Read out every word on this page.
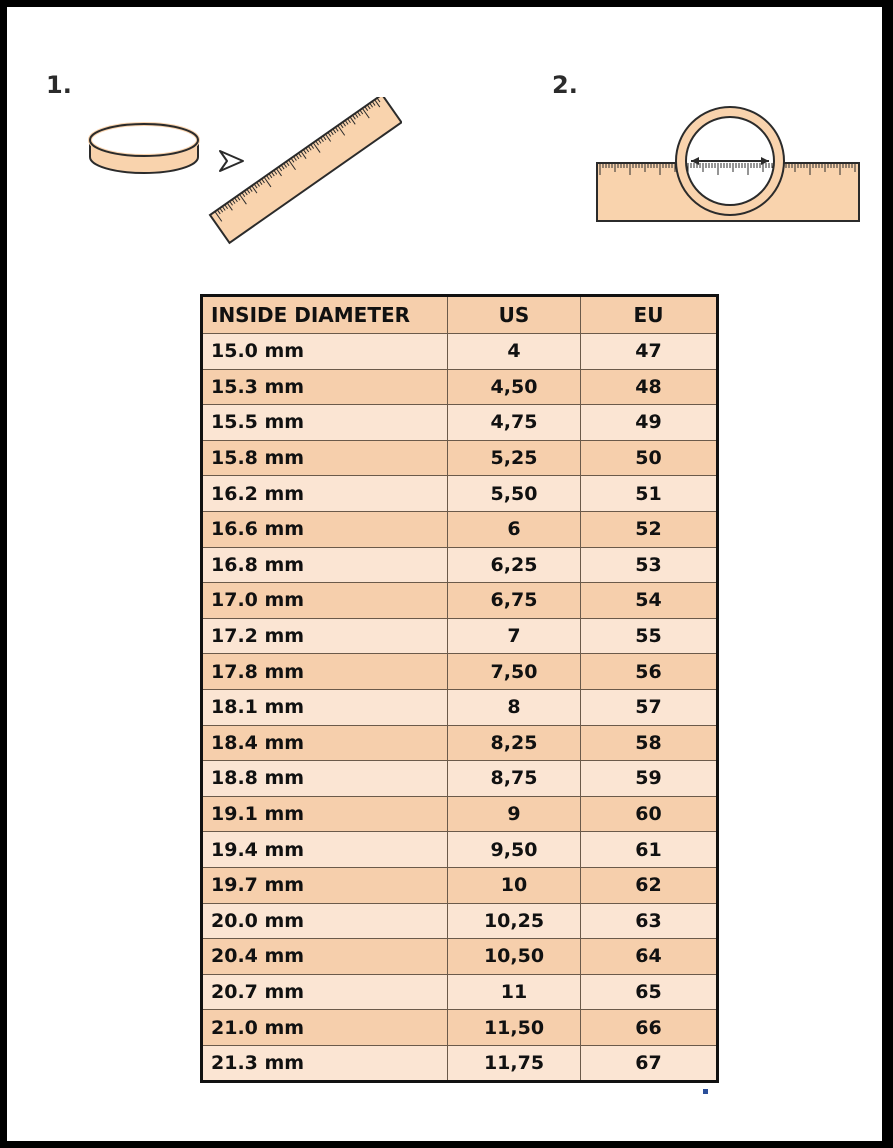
1.	2.
INSIDE DIAMETER	US	EU
15.0 mm	4	47
15.3 mm	4,50	48
15.5 mm	4,75	49
15.8 mm	5,25	50
16.2 mm	5,50	51
16.6 mm	6	52
16.8 mm	6,25	53
17.0 mm	6,75	54
17.2 mm	7	55
17.8 mm	7,50	56
18.1 mm	8	57
18.4 mm	8,25	58
18.8 mm	8,75	59
19.1 mm	9	60
19.4 mm	9,50	61
19.7 mm	10	62
20.0 mm	10,25	63
20.4 mm	10,50	64
20.7 mm	11	65
21.0 mm	11,50	66
21.3 mm	11,75	67
